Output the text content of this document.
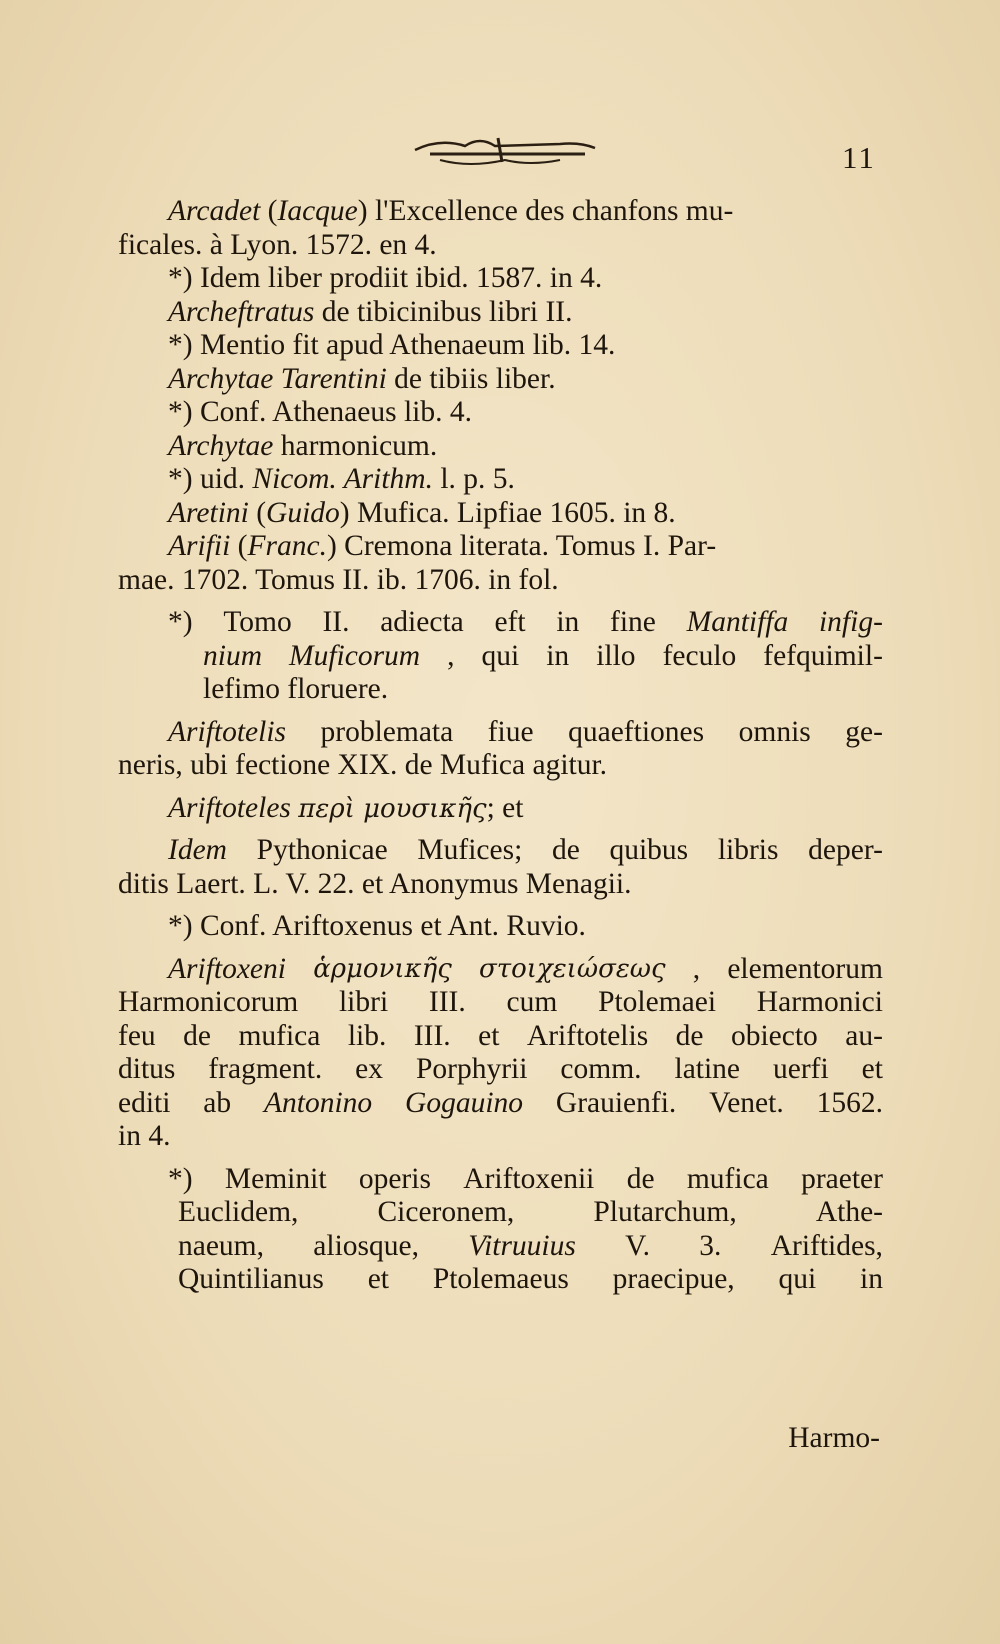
11
Arcadet (Iacque) l'Excellence des chanfons mu-
ficales. à Lyon. 1572. en 4.
*) Idem liber prodiit ibid. 1587. in 4.
Archeftratus de tibicinibus libri II.
*) Mentio fit apud Athenaeum lib. 14.
Archytae Tarentini de tibiis liber.
*) Conf. Athenaeus lib. 4.
Archytae harmonicum.
*) uid. Nicom. Arithm. l. p. 5.
Aretini (Guido) Mufica. Lipfiae 1605. in 8.
Arifii (Franc.) Cremona literata. Tomus I. Par-
mae. 1702. Tomus II. ib. 1706. in fol.
*) Tomo II. adiecta eft in fine Mantiffa infig-
nium Muficorum , qui in illo feculo fefquimil-
lefimo floruere.
Ariftotelis problemata fiue quaeftiones omnis ge-
neris, ubi fectione XIX. de Mufica agitur.
Ariftoteles περὶ μουσικῆς; et
Idem Pythonicae Mufices; de quibus libris deper-
ditis Laert. L. V. 22. et Anonymus Menagii.
*) Conf. Ariftoxenus et Ant. Ruvio.
Ariftoxeni ἁρμονικῆς στοιχειώσεως , elementorum
Harmonicorum libri III. cum Ptolemaei Harmonici
feu de mufica lib. III. et Ariftotelis de obiecto au-
ditus fragment. ex Porphyrii comm. latine uerfi et
editi ab Antonino Gogauino Grauienfi. Venet. 1562.
in 4.
*) Meminit operis Ariftoxenii de mufica praeter
Euclidem,	Ciceronem,	Plutarchum,	Athe-
naeum, aliosque, Vitruuius V. 3. Ariftides,
Quintilianus et Ptolemaeus praecipue, qui in
Harmo-
